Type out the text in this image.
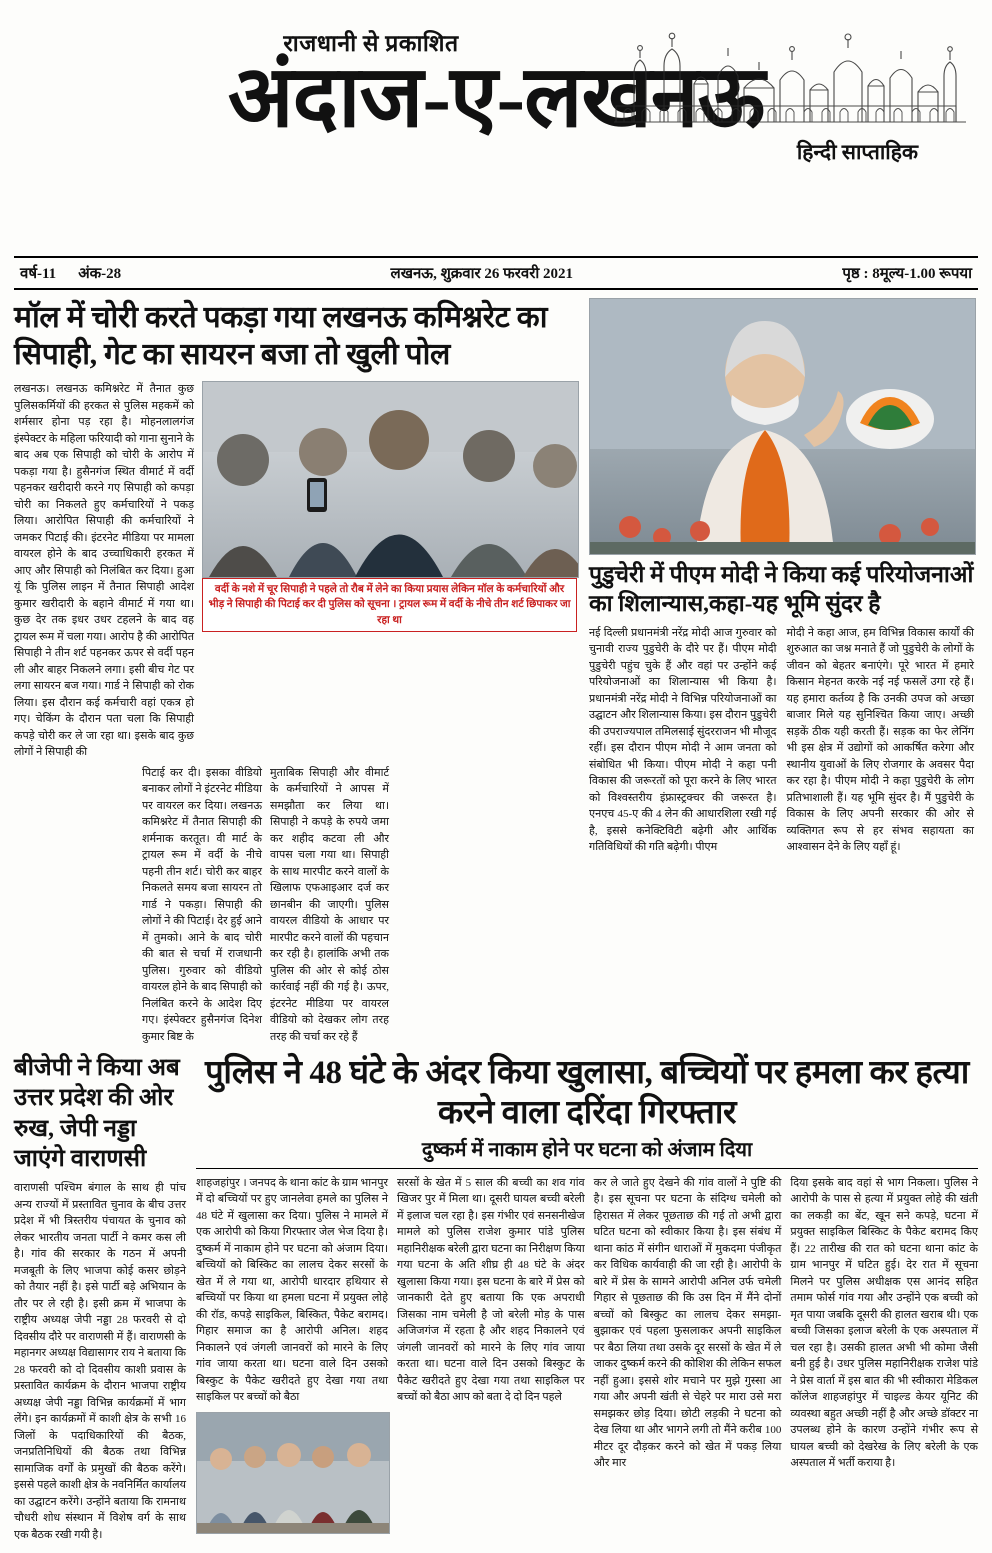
राजधानी से प्रकाशित
अंदाज-ए-लखनऊ
हिन्दी साप्ताहिक
वर्ष-11 अंक-28	लखनऊ, शुक्रवार 26 फरवरी 2021	पृष्ठ : 8 मूल्य-1.00 रूपया
मॉल में चोरी करते पकड़ा गया लखनऊ कमिश्नरेट का सिपाही, गेट का सायरन बजा तो खुली पोल
लखनऊ। लखनऊ कमिश्नरेट में तैनात कुछ पुलिसकर्मियों की हरकत से पुलिस महकमें को शर्मसार होना पड़ रहा है। मोहनलालगंज इंस्पेक्टर के महिला फरियादी को गाना सुनाने के बाद अब एक सिपाही को चोरी के आरोप में पकड़ा गया है। हुसैनगंज स्थित वीमार्ट में वर्दी पहनकर खरीदारी करने गए सिपाही को कपड़ा चोरी का निकलते हुए कर्मचारियों ने पकड़ लिया। आरोपित सिपाही की कर्मचारियों ने जमकर पिटाई की। इंटरनेट मीडिया पर मामला वायरल होने के बाद उच्चाधिकारी हरकत में आए और सिपाही को निलंबित कर दिया। हुआ यूं कि पुलिस लाइन में तैनात सिपाही आदेश कुमार खरीदारी के बहाने वीमार्ट में गया था। कुछ देर तक इधर उधर टहलने के बाद वह ट्रायल रूम में चला गया। आरोप है की आरोपित सिपाही ने तीन शर्ट पहनकर ऊपर से वर्दी पहन ली और बाहर निकलने लगा। इसी बीच गेट पर लगा सायरन बज गया। गार्ड ने सिपाही को रोक लिया। इस दौरान कई कर्मचारी वहां एकत्र हो गए। चेकिंग के दौरान पता चला कि सिपाही कपड़े चोरी कर ले जा रहा था। इसके बाद कुछ लोगों ने सिपाही की
वर्दी के नशे में चूर सिपाही ने पहले तो रौब में लेने का किया प्रयास लेकिन मॉल के कर्मचारियों और भीड़ ने सिपाही की पिटाई कर दी पुलिस को सूचना । ट्रायल रूम में वर्दी के नीचे तीन शर्ट छिपाकर जा रहा था
पिटाई कर दी। इसका वीडियो बनाकर लोगों ने इंटरनेट मीडिया पर वायरल कर दिया। लखनऊ कमिश्नरेट में तैनात सिपाही की शर्मनाक करतूत। वी मार्ट के ट्रायल रूम में वर्दी के नीचे पहनी तीन शर्ट। चोरी कर बाहर निकलते समय बजा सायरन तो गार्ड ने पकड़ा। सिपाही की लोगों ने की पिटाई। देर हुई आने में तुमको। आने के बाद चोरी की बात से चर्चा में राजधानी पुलिस। गुरुवार को वीडियो वायरल होने के बाद सिपाही को निलंबित करने के आदेश दिए गए। इंस्पेक्टर हुसैनगंज दिनेश कुमार बिष्ट के
मुताबिक सिपाही और वीमार्ट के कर्मचारियों ने आपस में समझौता कर लिया था। सिपाही ने कपड़े के रुपये जमा कर शहीद कटवा ली और वापस चला गया था। सिपाही के साथ मारपीट करने वालों के खिलाफ एफआइआर दर्ज कर छानबीन की जाएगी। पुलिस वायरल वीडियो के आधार पर मारपीट करने वालों की पहचान कर रही है। हालांकि अभी तक पुलिस की ओर से कोई ठोस कार्रवाई नहीं की गई है। ऊपर, इंटरनेट मीडिया पर वायरल वीडियो को देखकर लोग तरह तरह की चर्चा कर रहे हैं
पुडुचेरी में पीएम मोदी ने किया कई परियोजनाओं का शिलान्यास,कहा-यह भूमि सुंदर है

नई दिल्ली प्रधानमंत्री नरेंद्र मोदी आज गुरुवार को चुनावी राज्य पुडुचेरी के दौरे पर हैं। पीएम मोदी पुडुचेरी पहुंच चुके हैं और वहां पर उन्होंने कई परियोजनाओं का शिलान्यास भी किया है। प्रधानमंत्री नरेंद्र मोदी ने विभिन्न परियोजनाओं का उद्घाटन और शिलान्यास किया। इस दौरान पुडुचेरी की उपराज्यपाल तमिलसाई सुंदरराजन भी मौजूद रहीं। इस दौरान पीएम मोदी ने आम जनता को संबोधित भी किया। पीएम मोदी ने कहा पनी विकास की जरूरतों को पूरा करने के लिए भारत को विश्वस्तरीय इंफ्रास्ट्रक्चर की जरूरत है। एनएच 45-ए की 4 लेन की आधारशिला रखी गई है, इससे कनेक्टिविटी बढ़ेगी और आर्थिक गतिविधियों की गति बढ़ेगी। पीएम

मोदी ने कहा आज, हम विभिन्न विकास कार्यों की शुरुआत का जश्न मनाते हैं जो पुडुचेरी के लोगों के जीवन को बेहतर बनाएंगे। पूरे भारत में हमारे किसान मेहनत करके नई नई फसलें उगा रहे हैं। यह हमारा कर्तव्य है कि उनकी उपज को अच्छा बाजार मिले यह सुनिश्चित किया जाए। अच्छी सड़कें ठीक यही करती हैं। सड़क का फेर लेनिंग भी इस क्षेत्र में उद्योगों को आकर्षित करेगा और स्थानीय युवाओं के लिए रोजगार के अवसर पैदा कर रहा है। पीएम मोदी ने कहा पुडुचेरी के लोग प्रतिभाशाली हैं। यह भूमि सुंदर है। मैं पुडुचेरी के विकास के लिए अपनी सरकार की ओर से व्यक्तिगत रूप से हर संभव सहायता का आश्वासन देने के लिए यहाँ हूं।

बीजेपी ने किया अब उत्तर प्रदेश की ओर रुख, जेपी नड्डा जाएंगे वाराणसी
वाराणसी पश्चिम बंगाल के साथ ही पांच अन्य राज्यों में प्रस्तावित चुनाव के बीच उत्तर प्रदेश में भी त्रिस्तरीय पंचायत के चुनाव को लेकर भारतीय जनता पार्टी ने कमर कस ली है। गांव की सरकार के गठन में अपनी मजबूती के लिए भाजपा कोई कसर छोड़ने को तैयार नहीं है। इसे पार्टी बड़े अभियान के तौर पर ले रही है। इसी क्रम में भाजपा के राष्ट्रीय अध्यक्ष जेपी नड्डा 28 फरवरी से दो दिवसीय दौरे पर वाराणसी में हैं। वाराणसी के महानगर अध्यक्ष विद्यासागर राय ने बताया कि 28 फरवरी को दो दिवसीय काशी प्रवास के प्रस्तावित कार्यक्रम के दौरान भाजपा राष्ट्रीय अध्यक्ष जेपी नड्डा विभिन्न कार्यक्रमों में भाग लेंगे। इन कार्यक्रमों में काशी क्षेत्र के सभी 16 जिलों के पदाधिकारियों की बैठक, जनप्रतिनिधियों की बैठक तथा विभिन्न सामाजिक वर्गों के प्रमुखों की बैठक करेंगे। इससे पहले काशी क्षेत्र के नवनिर्मित कार्यालय का उद्घाटन करेंगे। उन्होंने बताया कि रामनाथ चौधरी शोध संस्थान में विशेष वर्ग के साथ एक बैठक रखी गयी है।
पुलिस ने 48 घंटे के अंदर किया खुलासा, बच्चियों पर हमला कर हत्या करने वाला दरिंदा गिरफ्तार
दुष्कर्म में नाकाम होने पर घटना को अंजाम दिया

शाहजहांपुर । जनपद के थाना कांट के ग्राम भानपुर में दो बच्चियों पर हुए जानलेवा हमले का पुलिस ने 48 घंटे में खुलासा कर दिया। पुलिस ने मामले में एक आरोपी को किया गिरफ्तार जेल भेज दिया है। दुष्कर्म में नाकाम होने पर घटना को अंजाम दिया। बच्चियों को बिस्किट का लालच देकर सरसों के खेत में ले गया था, आरोपी धारदार हथियार से बच्चियों पर किया था हमला घटना में प्रयुक्त लोहे की रॉड, कपड़े साइकिल, बिस्कित, पैकेट बरामद। गिहार समाज का है आरोपी अनिल। शहद निकालने एवं जंगली जानवरों को मारने के लिए गांव जाया करता था। घटना वाले दिन उसको बिस्कुट के पैकेट खरीदते हुए देखा गया तथा साइकिल पर बच्चों को बैठा

सरसों के खेत में 5 साल की बच्ची का शव गांव खिजर पुर में मिला था। दूसरी घायल बच्ची बरेली में इलाज चल रहा है। इस गंभीर एवं सनसनीखेज मामले को पुलिस राजेश कुमार पांडे पुलिस महानिरीक्षक बरेली द्वारा घटना का निरीक्षण किया गया घटना के अति शीघ्र ही 48 घंटे के अंदर खुलासा किया गया। इस घटना के बारे में प्रेस को जानकारी देते हुए बताया कि एक अपराधी जिसका नाम चमेली है जो बरेली मोड़ के पास अजिजगंज में रहता है और शहद निकालने एवं जंगली जानवरों को मारने के लिए गांव जाया करता था। घटना वाले दिन उसको बिस्कुट के पैकेट खरीदते हुए देखा गया तथा साइकिल पर बच्चों को बैठा आप को बता दे दो दिन पहले

कर ले जाते हुए देखने की गांव वालों ने पुष्टि की है। इस सूचना पर घटना के संदिग्ध चमेली को हिरासत में लेकर पूछताछ की गई तो अभी द्वारा घटित घटना को स्वीकार किया है। इस संबंध में थाना कांठ में संगीन धाराओं में मुकदमा पंजीकृत कर विधिक कार्यवाही की जा रही है। आरोपी के बारे में प्रेस के सामने आरोपी अनिल उर्फ चमेली गिहार से पूछताछ की कि उस दिन में मैंने दोनों बच्चों को बिस्कुट का लालच देकर समझा-बुझाकर एवं पहला फुसलाकर अपनी साइकिल पर बैठा लिया तथा उसके दूर सरसों के खेत में ले जाकर दुष्कर्म करने की कोशिश की लेकिन सफल नहीं हुआ। इससे शोर मचाने पर मुझे गुस्सा आ गया और अपनी खंती से चेहरे पर मारा उसे मरा समझकर छोड़ दिया। छोटी लड़की ने घटना को देख लिया था और भागने लगी तो मैंने करीब 100 मीटर दूर दौड़कर करने को खेत में पकड़ लिया और मार

दिया इसके बाद वहां से भाग निकला। पुलिस ने आरोपी के पास से हत्या में प्रयुक्त लोहे की खंती का लकड़ी का बेंट, खून सने कपड़े, घटना में प्रयुक्त साइकिल बिस्किट के पैकेट बरामद किए हैं। 22 तारीख की रात को घटना थाना कांट के ग्राम भानपुर में घटित हुई। देर रात में सूचना मिलने पर पुलिस अधीक्षक एस आनंद सहित तमाम फोर्स गांव गया और उन्होंने एक बच्ची को मृत पाया जबकि दूसरी की हालत खराब थी। एक बच्ची जिसका इलाज बरेली के एक अस्पताल में चल रहा है। उसकी हालत अभी भी कोमा जैसी बनी हुई है। उधर पुलिस महानिरीक्षक राजेश पांडे ने प्रेस वार्ता में इस बात की भी स्वीकारा मेडिकल कॉलेज शाहजहांपुर में चाइल्ड केयर यूनिट की व्यवस्था बहुत अच्छी नहीं है और अच्छे डॉक्टर ना उपलब्ध होने के कारण उन्होंने गंभीर रूप से घायल बच्ची को देखरेख के लिए बरेली के एक अस्पताल में भर्ती कराया है।
